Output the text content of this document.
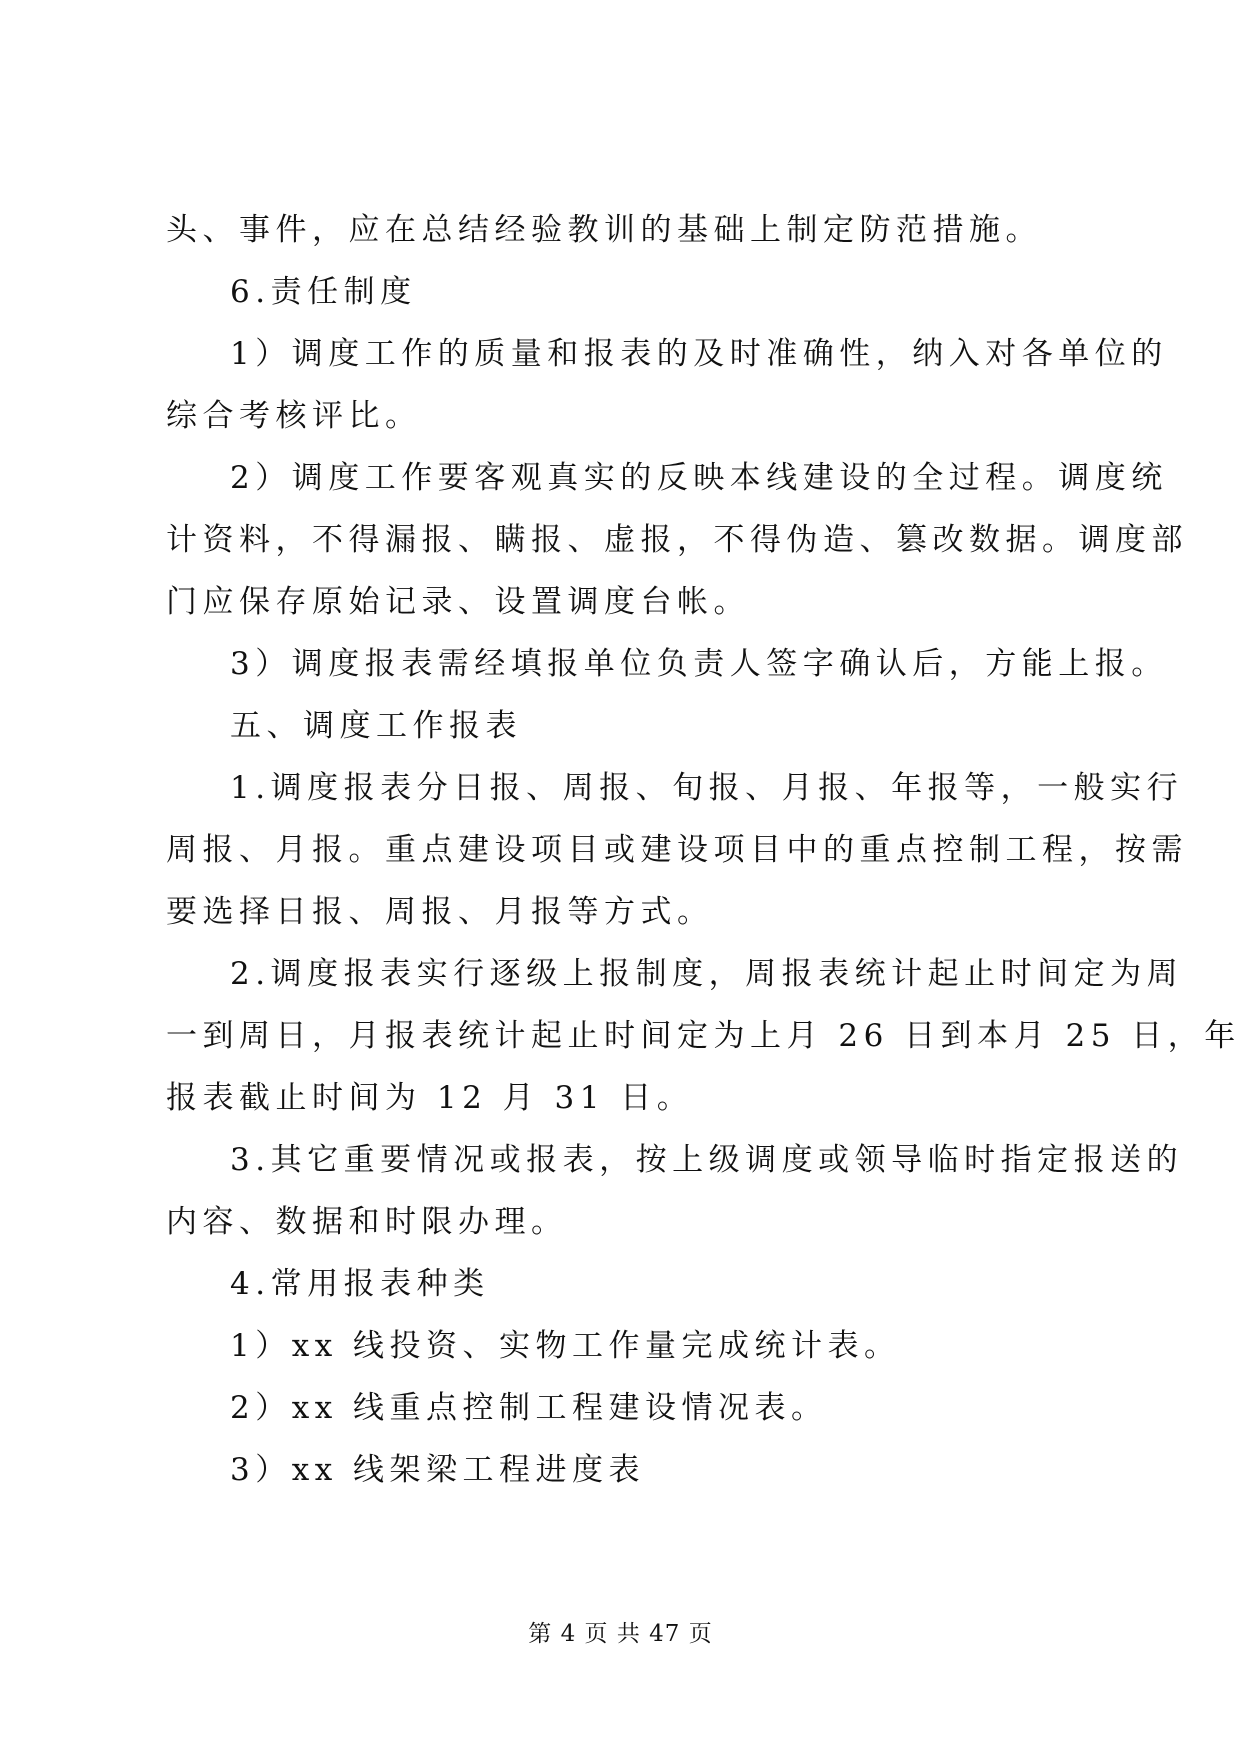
头、事件，应在总结经验教训的基础上制定防范措施。
6.责任制度
1）调度工作的质量和报表的及时准确性，纳入对各单位的
综合考核评比。
2）调度工作要客观真实的反映本线建设的全过程。调度统
计资料，不得漏报、瞒报、虚报，不得伪造、篡改数据。调度部
门应保存原始记录、设置调度台帐。
3）调度报表需经填报单位负责人签字确认后，方能上报。
五、调度工作报表
1.调度报表分日报、周报、旬报、月报、年报等，一般实行
周报、月报。重点建设项目或建设项目中的重点控制工程，按需
要选择日报、周报、月报等方式。
2.调度报表实行逐级上报制度，周报表统计起止时间定为周
一到周日，月报表统计起止时间定为上月 26 日到本月 25 日，年
报表截止时间为 12 月 31 日。
3.其它重要情况或报表，按上级调度或领导临时指定报送的
内容、数据和时限办理。
4.常用报表种类
1）xx 线投资、实物工作量完成统计表。
2）xx 线重点控制工程建设情况表。
3）xx 线架梁工程进度表
第 4 页 共 47 页
